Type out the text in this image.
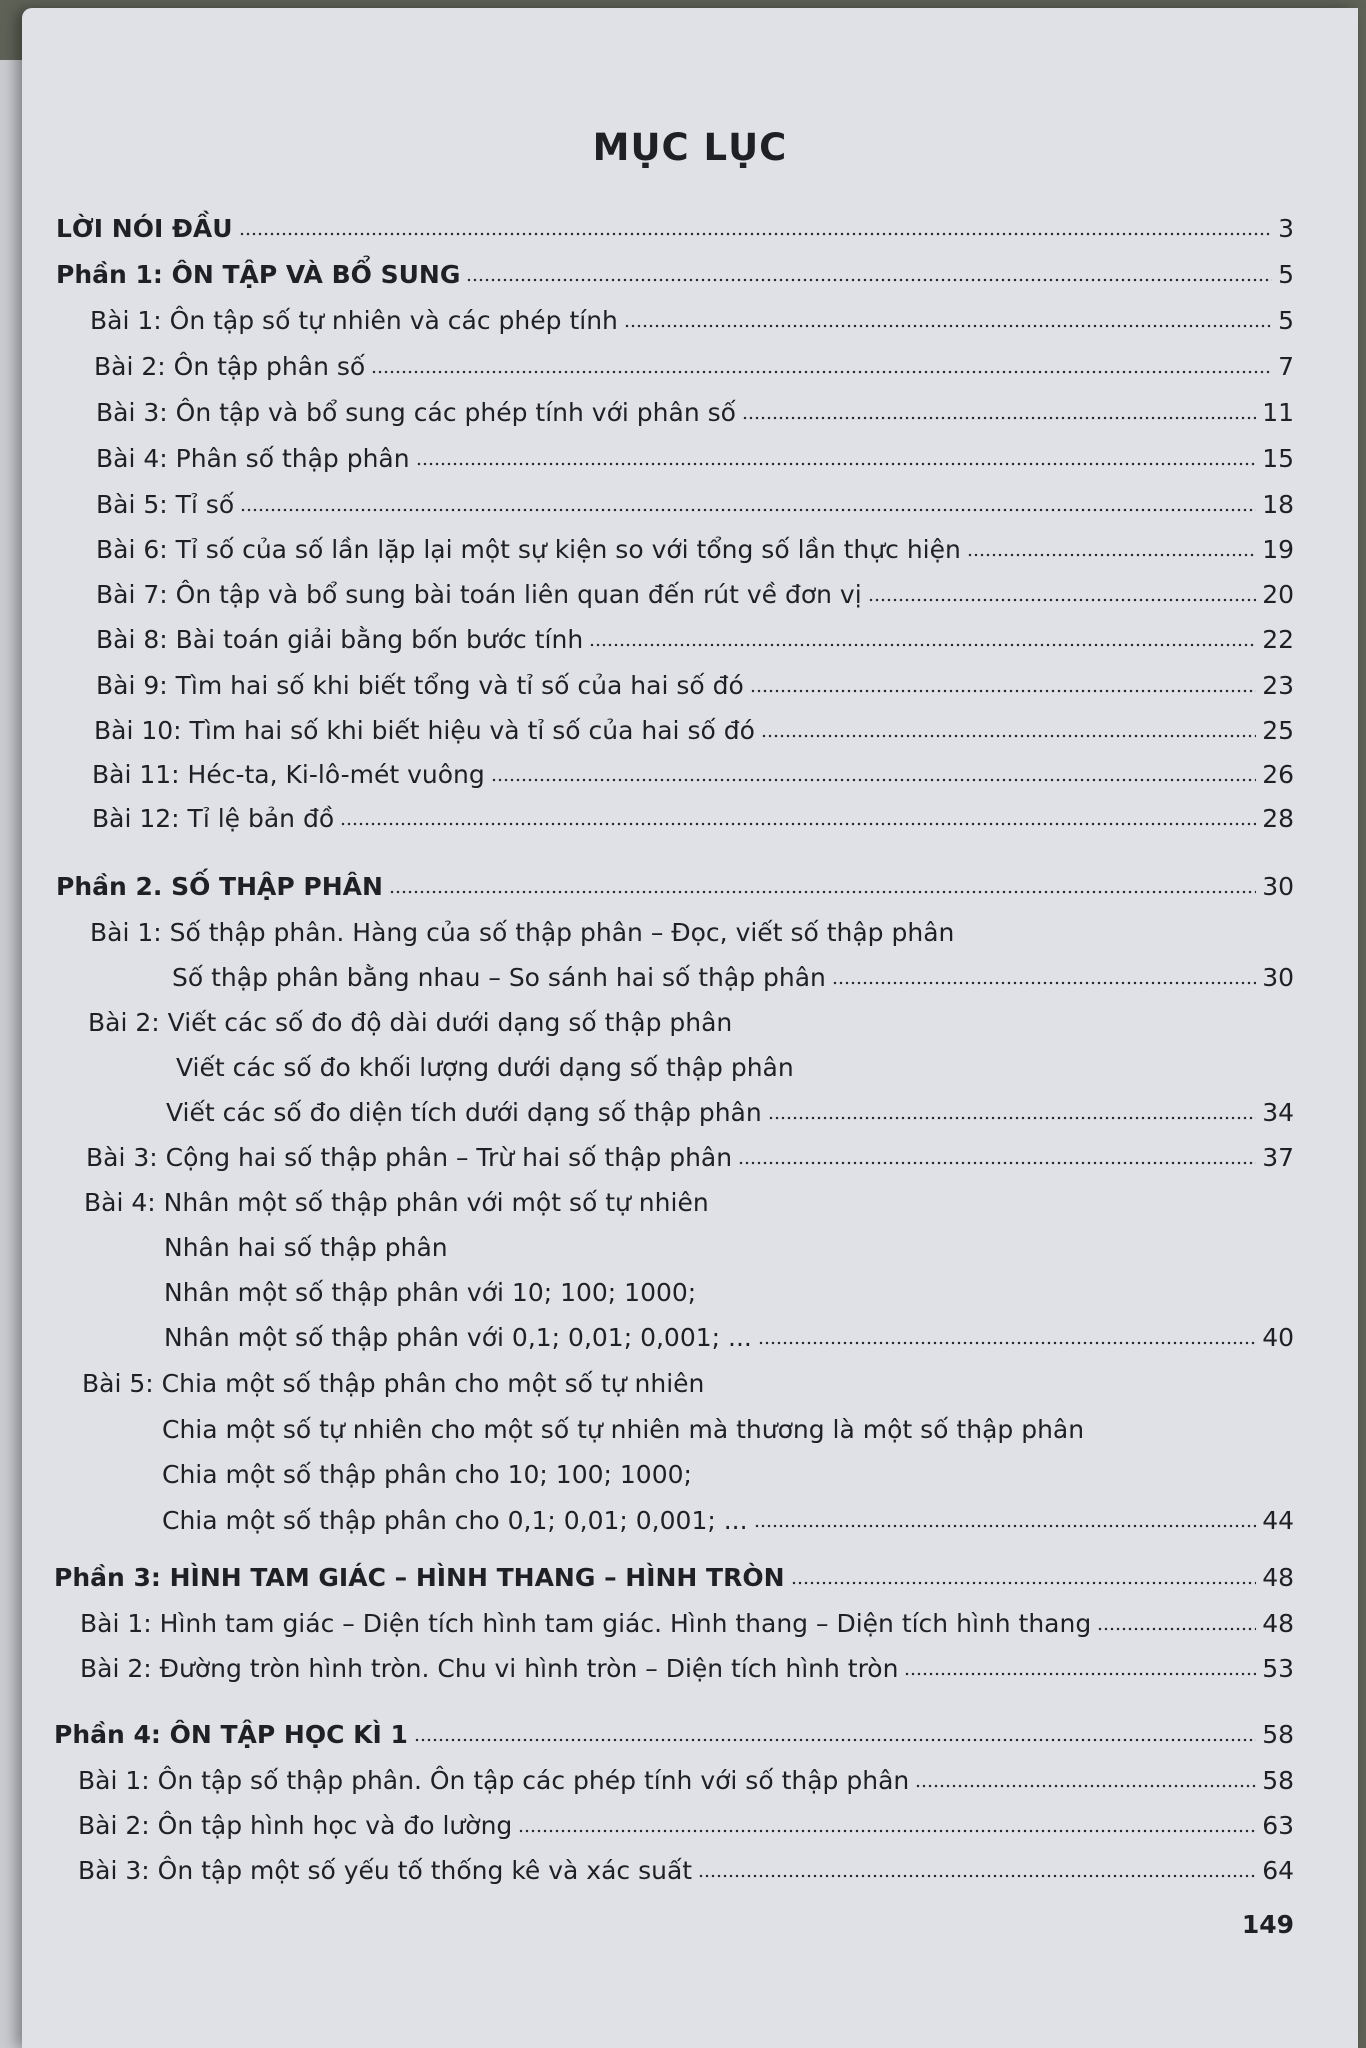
MỤC LỤC
LỜI NÓI ĐẦU	3
Phần 1: ÔN TẬP VÀ BỔ SUNG	5
Bài 1: Ôn tập số tự nhiên và các phép tính	5
Bài 2: Ôn tập phân số	7
Bài 3: Ôn tập và bổ sung các phép tính với phân số	11
Bài 4: Phân số thập phân	15
Bài 5: Tỉ số	18
Bài 6: Tỉ số của số lần lặp lại một sự kiện so với tổng số lần thực hiện	19
Bài 7: Ôn tập và bổ sung bài toán liên quan đến rút về đơn vị	20
Bài 8: Bài toán giải bằng bốn bước tính	22
Bài 9: Tìm hai số khi biết tổng và tỉ số của hai số đó	23
Bài 10: Tìm hai số khi biết hiệu và tỉ số của hai số đó	25
Bài 11: Héc-ta, Ki-lô-mét vuông	26
Bài 12: Tỉ lệ bản đồ	28
Phần 2. SỐ THẬP PHÂN	30
Bài 1: Số thập phân. Hàng của số thập phân – Đọc, viết số thập phân
Số thập phân bằng nhau – So sánh hai số thập phân	30
Bài 2: Viết các số đo độ dài dưới dạng số thập phân
Viết các số đo khối lượng dưới dạng số thập phân
Viết các số đo diện tích dưới dạng số thập phân	34
Bài 3: Cộng hai số thập phân – Trừ hai số thập phân	37
Bài 4: Nhân một số thập phân với một số tự nhiên
Nhân hai số thập phân
Nhân một số thập phân với 10; 100; 1000;
Nhân một số thập phân với 0,1; 0,01; 0,001; ...	40
Bài 5: Chia một số thập phân cho một số tự nhiên
Chia một số tự nhiên cho một số tự nhiên mà thương là một số thập phân
Chia một số thập phân cho 10; 100; 1000;
Chia một số thập phân cho 0,1; 0,01; 0,001; ...	44
Phần 3: HÌNH TAM GIÁC – HÌNH THANG – HÌNH TRÒN	48
Bài 1: Hình tam giác – Diện tích hình tam giác. Hình thang – Diện tích hình thang	48
Bài 2: Đường tròn hình tròn. Chu vi hình tròn – Diện tích hình tròn	53
Phần 4: ÔN TẬP HỌC KÌ 1	58
Bài 1: Ôn tập số thập phân. Ôn tập các phép tính với số thập phân	58
Bài 2: Ôn tập hình học và đo lường	63
Bài 3: Ôn tập một số yếu tố thống kê và xác suất	64
149
